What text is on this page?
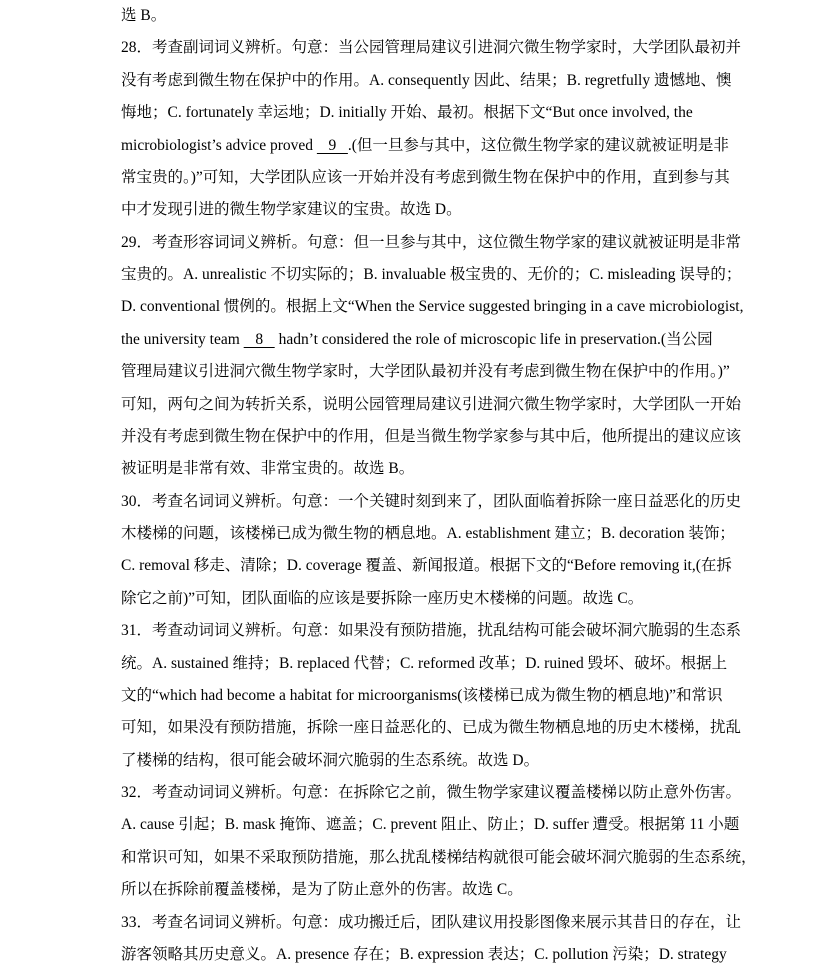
选 B。
28．考查副词词义辨析。句意：当公园管理局建议引进洞穴微生物学家时，大学团队最初并
没有考虑到微生物在保护中的作用。A. consequently 因此、结果；B. regretfully 遗憾地、懊
悔地；C. fortunately 幸运地；D. initially 开始、最初。根据下文“But once involved, the
microbiologist’s advice proved    9   .(但一旦参与其中，这位微生物学家的建议就被证明是非
常宝贵的。)”可知，大学团队应该一开始并没有考虑到微生物在保护中的作用，直到参与其
中才发现引进的微生物学家建议的宝贵。故选 D。
29．考查形容词词义辨析。句意：但一旦参与其中，这位微生物学家的建议就被证明是非常
宝贵的。A. unrealistic 不切实际的；B. invaluable 极宝贵的、无价的；C. misleading 误导的；
D. conventional 惯例的。根据上文“When the Service suggested bringing in a cave microbiologist,
the university team    8    hadn’t considered the role of microscopic life in preservation.(当公园
管理局建议引进洞穴微生物学家时，大学团队最初并没有考虑到微生物在保护中的作用。)”
可知，两句之间为转折关系，说明公园管理局建议引进洞穴微生物学家时，大学团队一开始
并没有考虑到微生物在保护中的作用，但是当微生物学家参与其中后，他所提出的建议应该
被证明是非常有效、非常宝贵的。故选 B。
30．考查名词词义辨析。句意：一个关键时刻到来了，团队面临着拆除一座日益恶化的历史
木楼梯的问题，该楼梯已成为微生物的栖息地。A. establishment 建立；B. decoration 装饰；
C. removal 移走、清除；D. coverage 覆盖、新闻报道。根据下文的“Before removing it,(在拆
除它之前)”可知，团队面临的应该是要拆除一座历史木楼梯的问题。故选 C。
31．考查动词词义辨析。句意：如果没有预防措施，扰乱结构可能会破坏洞穴脆弱的生态系
统。A. sustained 维持；B. replaced 代替；C. reformed 改革；D. ruined 毁坏、破坏。根据上
文的“which had become a habitat for microorganisms(该楼梯已成为微生物的栖息地)”和常识
可知，如果没有预防措施，拆除一座日益恶化的、已成为微生物栖息地的历史木楼梯，扰乱
了楼梯的结构，很可能会破坏洞穴脆弱的生态系统。故选 D。
32．考查动词词义辨析。句意：在拆除它之前，微生物学家建议覆盖楼梯以防止意外伤害。
A. cause 引起；B. mask 掩饰、遮盖；C. prevent 阻止、防止；D. suffer 遭受。根据第 11 小题
和常识可知，如果不采取预防措施，那么扰乱楼梯结构就很可能会破坏洞穴脆弱的生态系统，
所以在拆除前覆盖楼梯，是为了防止意外的伤害。故选 C。
33．考查名词词义辨析。句意：成功搬迁后，团队建议用投影图像来展示其昔日的存在，让
游客领略其历史意义。A. presence 存在；B. expression 表达；C. pollution 污染；D. strategy
